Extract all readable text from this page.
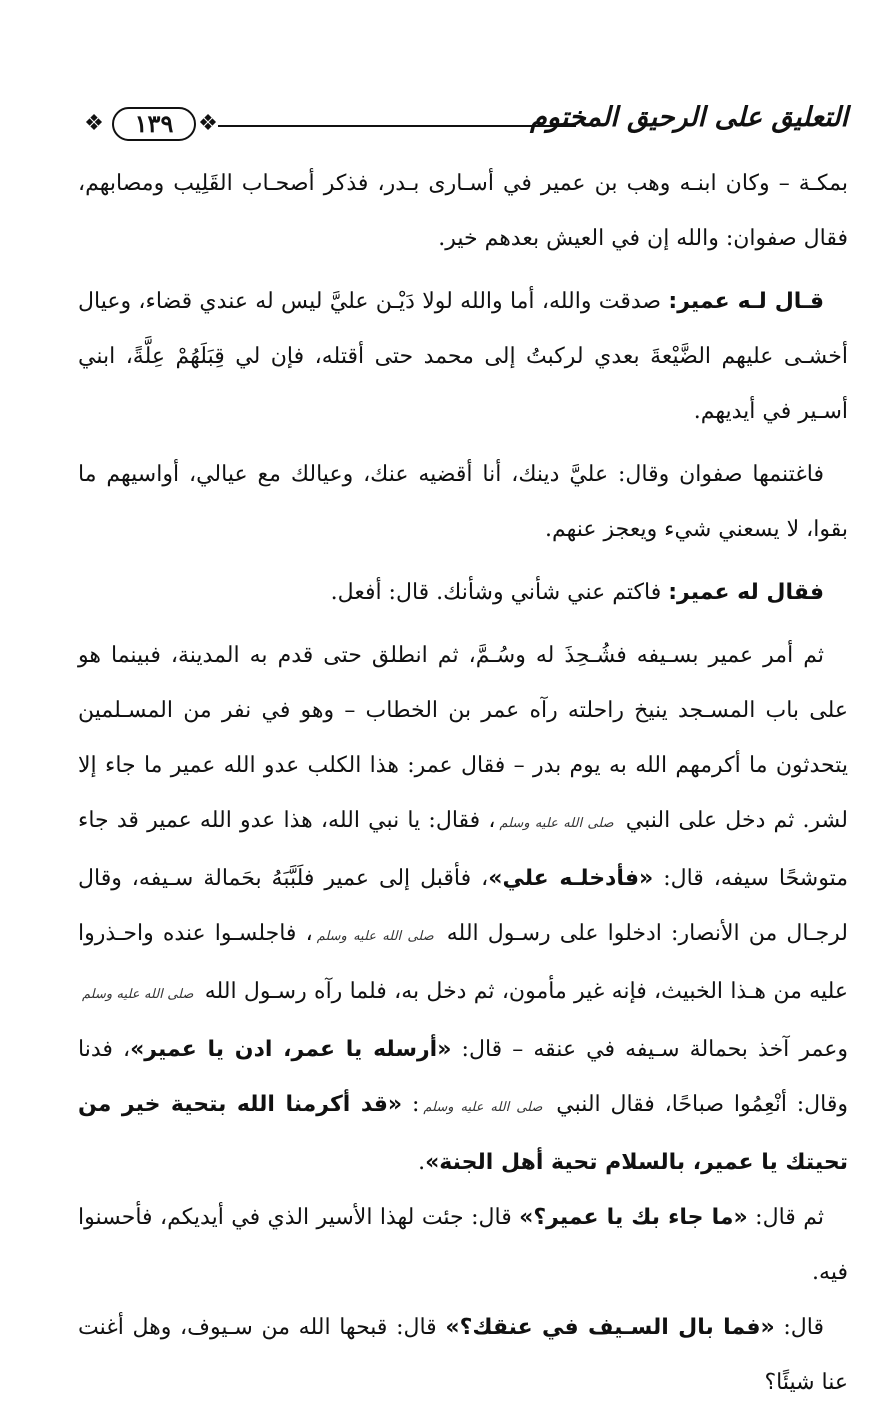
التعليق على الرحيق المختوم
❖
١٣٩
❖

بمكـة – وكان ابنـه وهب بن عمير في أسـارى بـدر، فذكر أصحـاب القَلِيب ومصابهم، فقال صفوان: والله إن في العيش بعدهم خير.

قـال لـه عمير: صدقت والله، أما والله لولا دَيْـن عليَّ ليس له عندي قضاء، وعيال أخشـى عليهم الضَّيْعةَ بعدي لركبتُ إلى محمد حتى أقتله، فإن لي قِبَلَهُمْ عِلَّةً، ابني أسـير في أيديهم.

فاغتنمها صفوان وقال: عليَّ دينك، أنا أقضيه عنك، وعيالك مع عيالي، أواسيهم ما بقوا، لا يسعني شيء ويعجز عنهم.

فقال له عمير: فاكتم عني شأني وشأنك. قال: أفعل.

ثم أمر عمير بسـيفه فشُـحِذَ له وسُـمَّ، ثم انطلق حتى قدم به المدينة، فبينما هو على باب المسـجد ينيخ راحلته رآه عمر بن الخطاب – وهو في نفر من المسـلمين يتحدثون ما أكرمهم الله به يوم بدر – فقال عمر: هذا الكلب عدو الله عمير ما جاء إلا لشر. ثم دخل على النبي صلى الله عليه وسلم، فقال: يا نبي الله، هذا عدو الله عمير قد جاء متوشحًا سيفه، قال: «فأدخلـه علي»، فأقبل إلى عمير فلَبَّبَهُ بحَمالة سـيفه، وقال لرجـال من الأنصار: ادخلوا على رسـول الله صلى الله عليه وسلم، فاجلسـوا عنده واحـذروا عليه من هـذا الخبيث، فإنه غير مأمون، ثم دخل به، فلما رآه رسـول الله صلى الله عليه وسلم وعمر آخذ بحمالة سـيفه في عنقه – قال: «أرسله يا عمر، ادن يا عمير»، فدنا وقال: أنْعِمُوا صباحًا، فقال النبي صلى الله عليه وسلم: «قد أكرمنا الله بتحية خير من تحيتك يا عمير، بالسلام تحية أهل الجنة».

ثم قال: «ما جاء بك يا عمير؟» قال: جئت لهذا الأسير الذي في أيديكم، فأحسنوا فيه.

قال: «فما بال السـيف في عنقك؟» قال: قبحها الله من سـيوف، وهل أغنت عنا شيئًا؟
